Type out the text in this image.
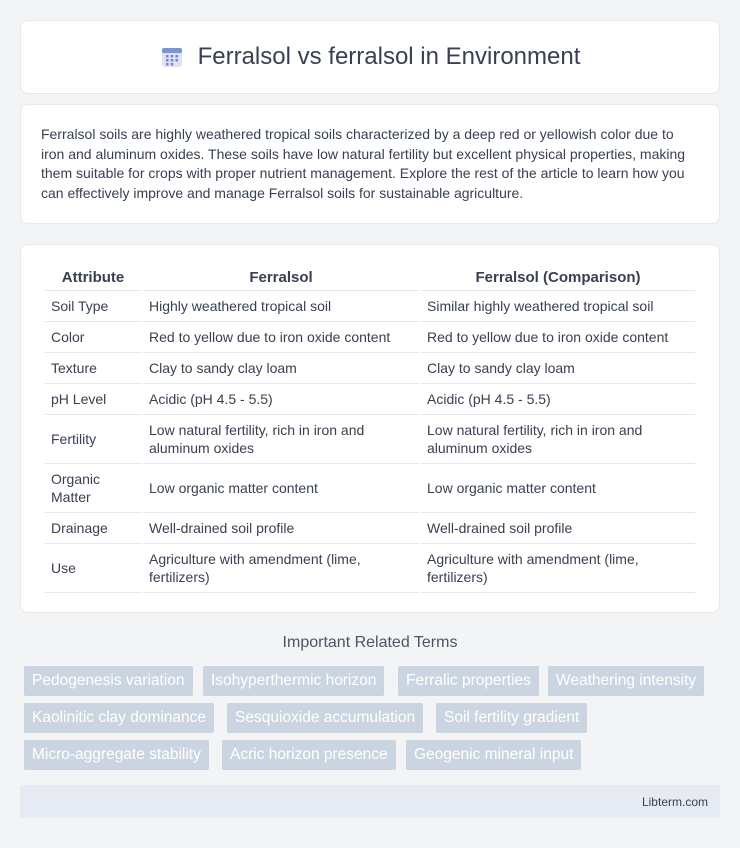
Ferralsol vs ferralsol in Environment

Ferralsol soils are highly weathered tropical soils characterized by a deep red or yellowish color due to iron and aluminum oxides. These soils have low natural fertility but excellent physical properties, making them suitable for crops with proper nutrient management. Explore the rest of the article to learn how you can effectively improve and manage Ferralsol soils for sustainable agriculture.

Attribute	Ferralsol	Ferralsol (Comparison)
Soil Type	Highly weathered tropical soil	Similar highly weathered tropical soil
Color	Red to yellow due to iron oxide content	Red to yellow due to iron oxide content
Texture	Clay to sandy clay loam	Clay to sandy clay loam
pH Level	Acidic (pH 4.5 - 5.5)	Acidic (pH 4.5 - 5.5)
Fertility	Low natural fertility, rich in iron and aluminum oxides	Low natural fertility, rich in iron and aluminum oxides
Organic Matter	Low organic matter content	Low organic matter content
Drainage	Well-drained soil profile	Well-drained soil profile
Use	Agriculture with amendment (lime, fertilizers)	Agriculture with amendment (lime, fertilizers)
Important Related Terms
Pedogenesis variation	Isohyperthermic horizon	Ferralic properties	Weathering intensity
Kaolinitic clay dominance	Sesquioxide accumulation	Soil fertility gradient
Micro-aggregate stability	Acric horizon presence	Geogenic mineral input
Libterm.com
